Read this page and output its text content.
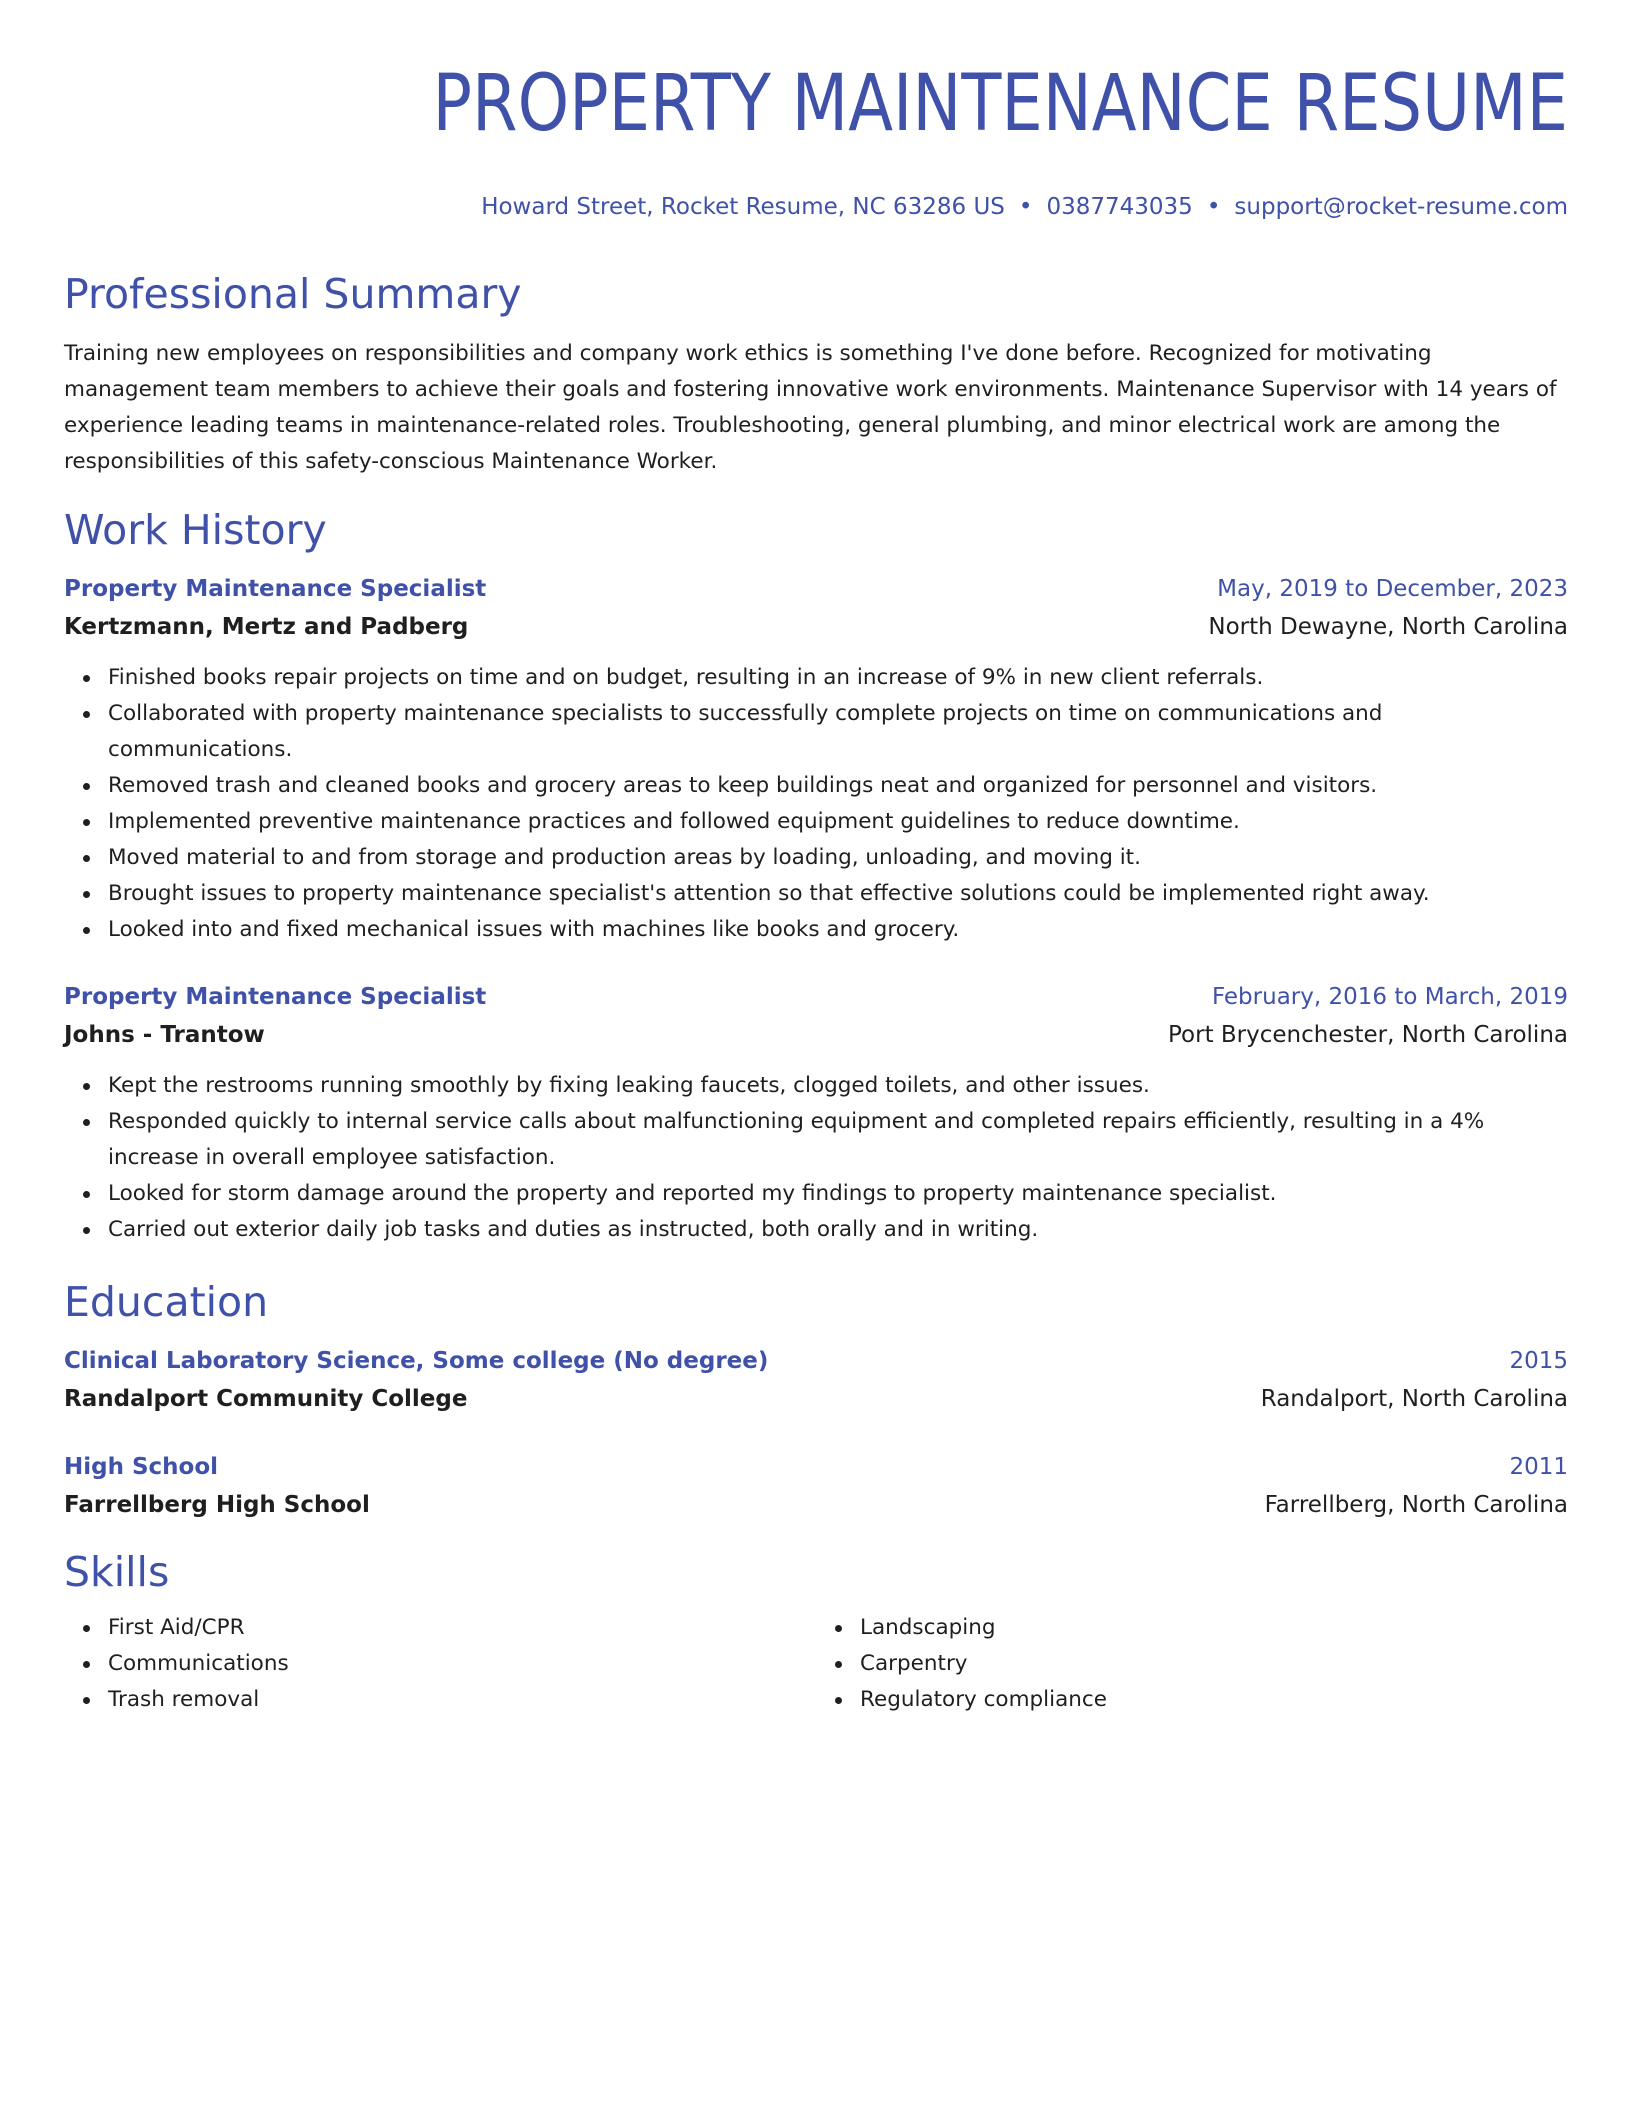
PROPERTY MAINTENANCE RESUME
Howard Street, Rocket Resume, NC 63286 US • 0387743035 • support@rocket-resume.com
Professional Summary

Training new employees on responsibilities and company work ethics is something I've done before. Recognized for motivating management team members to achieve their goals and fostering innovative work environments. Maintenance Supervisor with 14 years of experience leading teams in maintenance-related roles. Troubleshooting, general plumbing, and minor electrical work are among the responsibilities of this safety-conscious Maintenance Worker.

Work History
Property Maintenance Specialist	May, 2019 to December, 2023
Kertzmann, Mertz and Padberg	North Dewayne, North Carolina
Finished books repair projects on time and on budget, resulting in an increase of 9% in new client referrals.
Collaborated with property maintenance specialists to successfully complete projects on time on communications and communications.
Removed trash and cleaned books and grocery areas to keep buildings neat and organized for personnel and visitors.
Implemented preventive maintenance practices and followed equipment guidelines to reduce downtime.
Moved material to and from storage and production areas by loading, unloading, and moving it.
Brought issues to property maintenance specialist's attention so that effective solutions could be implemented right away.
Looked into and fixed mechanical issues with machines like books and grocery.
Property Maintenance Specialist	February, 2016 to March, 2019
Johns - Trantow	Port Brycenchester, North Carolina
Kept the restrooms running smoothly by fixing leaking faucets, clogged toilets, and other issues.
Responded quickly to internal service calls about malfunctioning equipment and completed repairs efficiently, resulting in a 4% increase in overall employee satisfaction.
Looked for storm damage around the property and reported my findings to property maintenance specialist.
Carried out exterior daily job tasks and duties as instructed, both orally and in writing.
Education
Clinical Laboratory Science, Some college (No degree)	2015
Randalport Community College	Randalport, North Carolina
High School	2011
Farrellberg High School	Farrellberg, North Carolina
Skills
First Aid/CPR
Communications
Trash removal
Landscaping
Carpentry
Regulatory compliance
